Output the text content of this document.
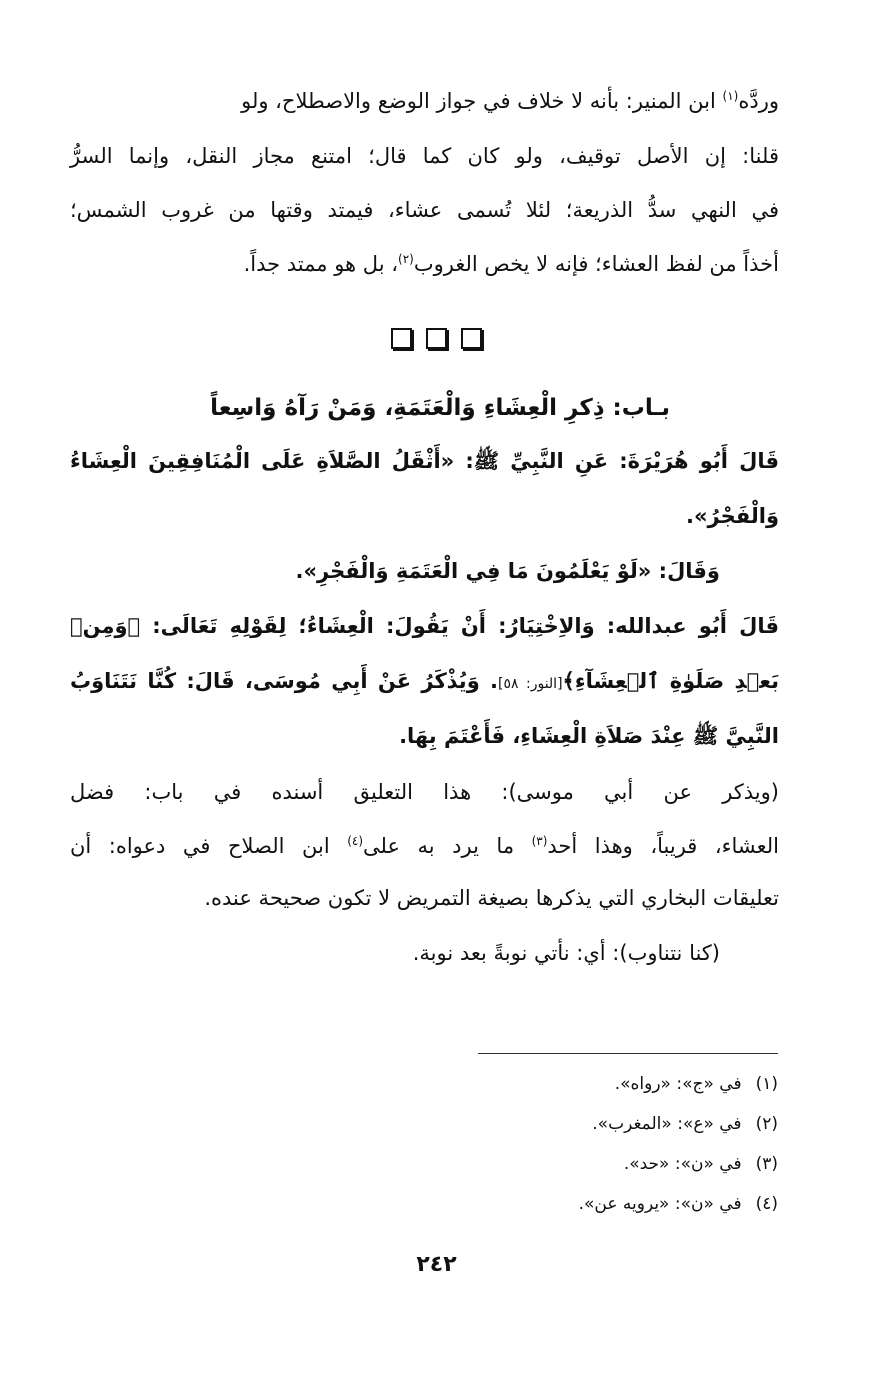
وردَّه$^{(١)}$ ابن المنير: بأنه لا خلاف في جواز الوضع والاصطلاح، ولو
قلنا: إن الأصل توقيف، ولو كان كما قال؛ امتنع مجاز النقل، وإنما السرُّ
في النهي سدُّ الذريعة؛ لئلا تُسمى عشاء، فيمتد وقتها من غروب الشمس؛
أخذاً من لفظ العشاء؛ فإنه لا يخص الغروب$^{(٢)}$، بل هو ممتد جداً.
بـاب: ذِكرِ الْعِشَاءِ وَالْعَتَمَةِ، وَمَنْ رَآهُ وَاسِعاً
قَالَ أَبُو هُرَيْرَةَ: عَنِ النَّبِيِّ ﷺ: «أَثْقَلُ الصَّلاَةِ عَلَى الْمُنَافِقِينَ الْعِشَاءُ
وَالْفَجْرُ».
وَقَالَ: «لَوْ يَعْلَمُونَ مَا فِي الْعَتَمَةِ وَالْفَجْرِ».
قَالَ أَبُو عبدالله: وَالاِخْتِيَارُ: أَنْ يَقُولَ: الْعِشَاءُ؛ لِقَوْلِهِ تَعَالَى: ﴿وَمِنۢ
بَعۡدِ صَلَوٰةِ ٱلۡعِشَآءِ﴾[النور: ٥٨]. وَيُذْكَرُ عَنْ أَبِي مُوسَى، قَالَ: كُنَّا نَتَنَاوَبُ
النَّبِيَّ ﷺ عِنْدَ صَلاَةِ الْعِشَاءِ، فَأَعْتَمَ بِهَا.
(ويذكر عن أبي موسى): هذا التعليق أسنده في باب: فضل
العشاء، قريباً، وهذا أحد$^{(٣)}$ ما يرد به على$^{(٤)}$ ابن الصلاح في دعواه: أن
تعليقات البخاري التي يذكرها بصيغة التمريض لا تكون صحيحة عنده.
(كنا نتناوب): أي: نأتي نوبةً بعد نوبة.
(١)في «ج»: «رواه».
(٢)في «ع»: «المغرب».
(٣)في «ن»: «حد».
(٤)في «ن»: «يرويه عن».
٢٤٢
